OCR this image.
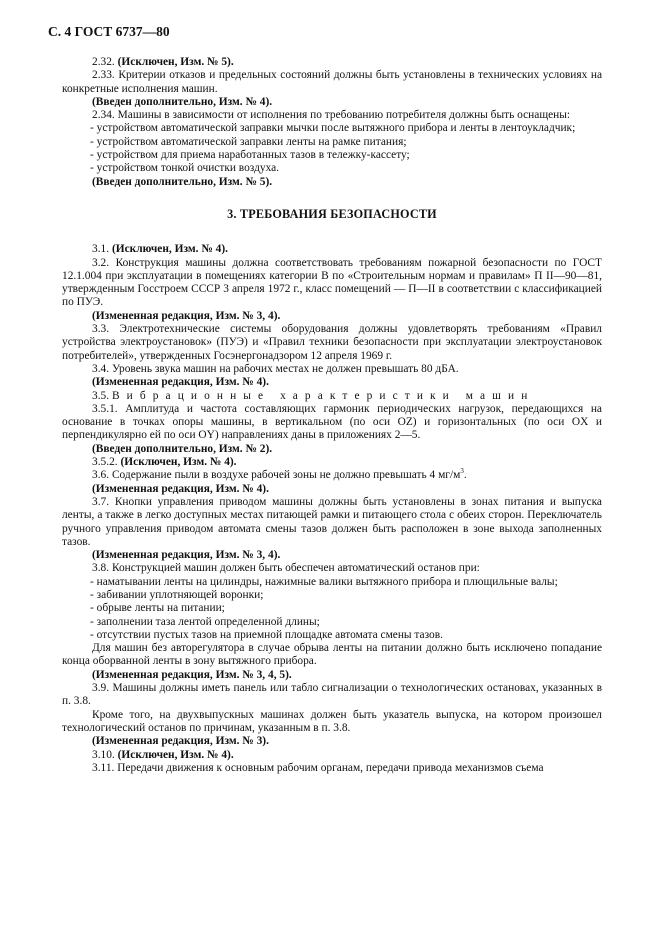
С. 4 ГОСТ 6737—80
2.32. (Исключен, Изм. № 5).
2.33. Критерии отказов и предельных состояний должны быть установлены в технических условиях на конкретные исполнения машин.
(Введен дополнительно, Изм. № 4).
2.34. Машины в зависимости от исполнения по требованию потребителя должны быть оснащены:
- устройством автоматической заправки мычки после вытяжного прибора и ленты в лентоукладчик;
- устройством автоматической заправки ленты на рамке питания;
- устройством для приема наработанных тазов в тележку-кассету;
- устройством тонкой очистки воздуха.
(Введен дополнительно, Изм. № 5).
3. ТРЕБОВАНИЯ БЕЗОПАСНОСТИ
3.1. (Исключен, Изм. № 4).
3.2. Конструкция машины должна соответствовать требованиям пожарной безопасности по ГОСТ 12.1.004 при эксплуатации в помещениях категории В по «Строительным нормам и правилам» П II—90—81, утвержденным Госстроем СССР 3 апреля 1972 г., класс помещений — П—II в соответствии с классификацией по ПУЭ.
(Измененная редакция, Изм. № 3, 4).
3.3. Электротехнические системы оборудования должны удовлетворять требованиям «Правил устройства электроустановок» (ПУЭ) и «Правил техники безопасности при эксплуатации электроустановок потребителей», утвержденных Госэнергонадзором 12 апреля 1969 г.
3.4. Уровень звука машин на рабочих местах не должен превышать 80 дБА.
(Измененная редакция, Изм. № 4).
3.5. Вибрационные характеристики машин
3.5.1. Амплитуда и частота составляющих гармоник периодических нагрузок, передающихся на основание в точках опоры машины, в вертикальном (по оси OZ) и горизонтальных (по оси OX и перпендикулярно ей по оси OY) направлениях даны в приложениях 2—5.
(Введен дополнительно, Изм. № 2).
3.5.2. (Исключен, Изм. № 4).
3.6. Содержание пыли в воздухе рабочей зоны не должно превышать 4 $мг/м^3$.
(Измененная редакция, Изм. № 4).
3.7. Кнопки управления приводом машины должны быть установлены в зонах питания и выпуска ленты, а также в легко доступных местах питающей рамки и питающего стола с обеих сторон. Переключатель ручного управления приводом автомата смены тазов должен быть расположен в зоне выхода заполненных тазов.
(Измененная редакция, Изм. № 3, 4).
3.8. Конструкцией машин должен быть обеспечен автоматический останов при:
- наматывании ленты на цилиндры, нажимные валики вытяжного прибора и плющильные валы;
- забивании уплотняющей воронки;
- обрыве ленты на питании;
- заполнении таза лентой определенной длины;
- отсутствии пустых тазов на приемной площадке автомата смены тазов.
Для машин без авторегулятора в случае обрыва ленты на питании должно быть исключено попадание конца оборванной ленты в зону вытяжного прибора.
(Измененная редакция, Изм. № 3, 4, 5).
3.9. Машины должны иметь панель или табло сигнализации о технологических остановах, указанных в п. 3.8.
Кроме того, на двухвыпускных машинах должен быть указатель выпуска, на котором произошел технологический останов по причинам, указанным в п. 3.8.
(Измененная редакция, Изм. № 3).
3.10. (Исключен, Изм. № 4).
3.11. Передачи движения к основным рабочим органам, передачи привода механизмов съема
